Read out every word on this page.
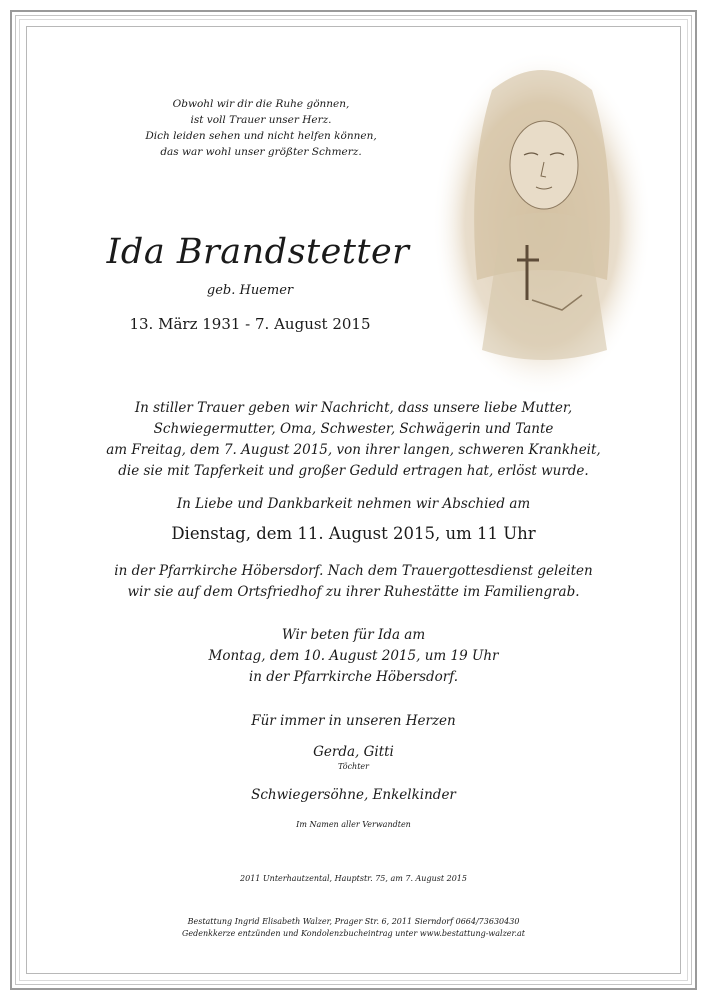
Obwohl wir dir die Ruhe gönnen,
ist voll Trauer unser Herz.
Dich leiden sehen und nicht helfen können,
das war wohl unser größter Schmerz.
Ida Brandstetter
geb. Huemer
13. März 1931 - 7. August 2015
In stiller Trauer geben wir Nachricht, dass unsere liebe Mutter,
Schwiegermutter, Oma, Schwester, Schwägerin und Tante
am Freitag, dem 7. August 2015, von ihrer langen, schweren Krankheit,
die sie mit Tapferkeit und großer Geduld ertragen hat, erlöst wurde.
In Liebe und Dankbarkeit nehmen wir Abschied am
Dienstag, dem 11. August 2015, um 11 Uhr
in der Pfarrkirche Höbersdorf. Nach dem Trauergottesdienst geleiten
wir sie auf dem Ortsfriedhof zu ihrer Ruhestätte im Familiengrab.
Wir beten für Ida am
Montag, dem 10. August 2015, um 19 Uhr
in der Pfarrkirche Höbersdorf.
Für immer in unseren Herzen
Gerda, Gitti
Töchter
Schwiegersöhne, Enkelkinder
Im Namen aller Verwandten
2011 Unterhautzental, Hauptstr. 75, am 7. August 2015
Bestattung Ingrid Elisabeth Walzer, Prager Str. 6, 2011 Sierndorf 0664/73630430
Gedenkkerze entzünden und Kondolenzbucheintrag unter www.bestattung-walzer.at
